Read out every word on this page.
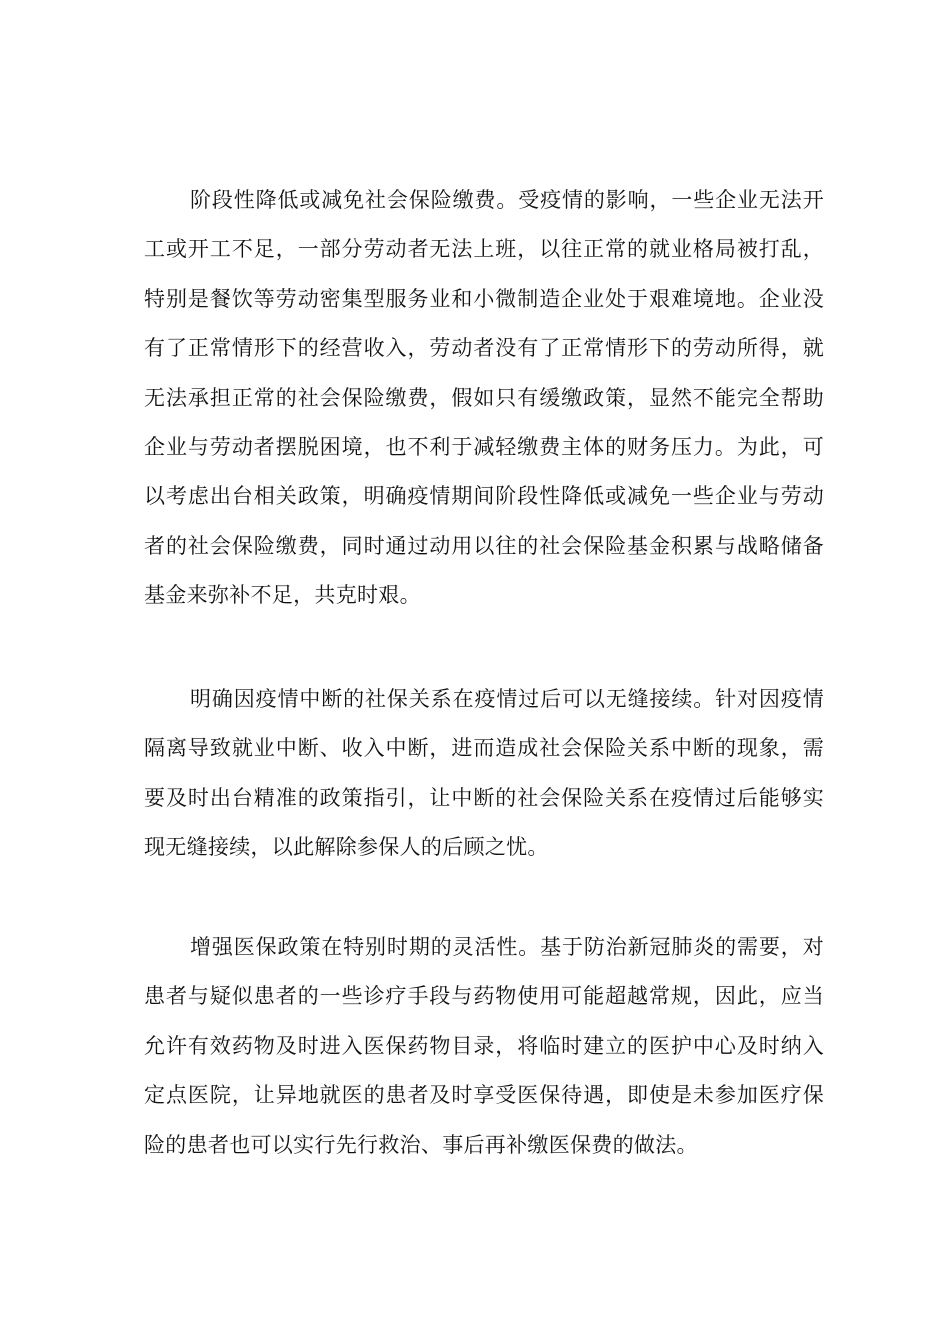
阶段性降低或减免社会保险缴费。受疫情的影响，一些企业无法开工或开工不足，一部分劳动者无法上班，以往正常的就业格局被打乱，特别是餐饮等劳动密集型服务业和小微制造企业处于艰难境地。企业没有了正常情形下的经营收入，劳动者没有了正常情形下的劳动所得，就无法承担正常的社会保险缴费，假如只有缓缴政策，显然不能完全帮助企业与劳动者摆脱困境，也不利于减轻缴费主体的财务压力。为此，可以考虑出台相关政策，明确疫情期间阶段性降低或减免一些企业与劳动者的社会保险缴费，同时通过动用以往的社会保险基金积累与战略储备基金来弥补不足，共克时艰。

明确因疫情中断的社保关系在疫情过后可以无缝接续。针对因疫情隔离导致就业中断、收入中断，进而造成社会保险关系中断的现象，需要及时出台精准的政策指引，让中断的社会保险关系在疫情过后能够实现无缝接续，以此解除参保人的后顾之忧。

增强医保政策在特别时期的灵活性。基于防治新冠肺炎的需要，对患者与疑似患者的一些诊疗手段与药物使用可能超越常规，因此，应当允许有效药物及时进入医保药物目录，将临时建立的医护中心及时纳入定点医院，让异地就医的患者及时享受医保待遇，即使是未参加医疗保险的患者也可以实行先行救治、事后再补缴医保费的做法。
